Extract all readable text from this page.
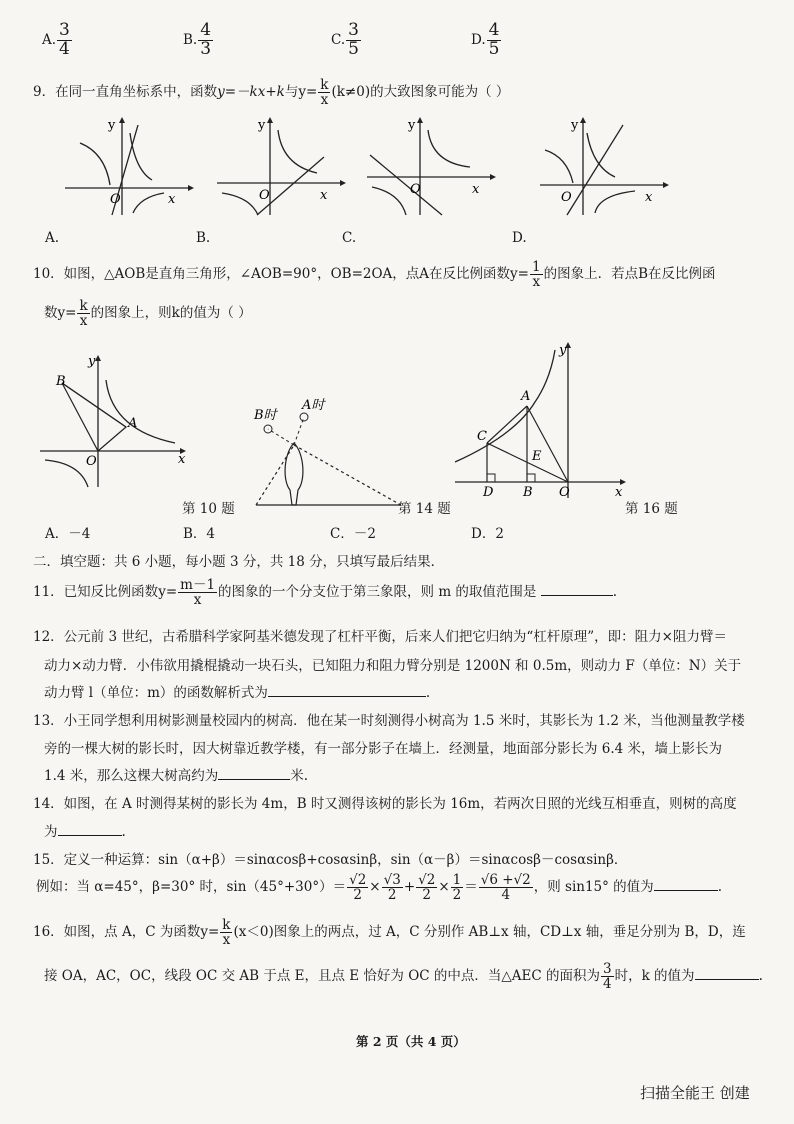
A. $\frac{3}{4}$	B. $\frac{4}{3}$	C. $\frac{3}{5}$	D. $\frac{4}{5}$
9．在同一直角坐标系中，函数y=－kx+k与$y= \frac{k}{x} (k\ne 0)$的大致图象可能为（ ）
y
x
O
y
x
O
y
x
O
y
x
O
A.	B.	C.	D.
10．如图，△AOB是直角三角形，∠AOB=90°，OB=2OA，点A在反比例函数$y= \frac{1}{x}$ 的图象上．若点B在反比例函
数$y= \frac{k}{x}$ 的图象上，则k的值为（ ）
B
A
y
x
O
第 10 题
B时
A时
第 14 题
y
x
A
C
E
D B O
第 16 题
A．－4	B．4	C．－2	D．2
二．填空题：共 6 小题，每小题 3 分，共 18 分，只填写最后结果．
11．已知反比例函数$y= \frac{m-1}{x}$ 的图象的一个分支位于第三象限，则 m 的取值范围是	.
12．公元前 3 世纪，古希腊科学家阿基米德发现了杠杆平衡，后来人们把它归纳为“杠杆原理”，即：阻力×阻力臂＝
动力×动力臂．小伟欲用撬棍撬动一块石头，已知阻力和阻力臂分别是 1200N 和 0.5m，则动力 F（单位：N）关于
动力臂 l（单位：m）的函数解析式为	.
13．小王同学想利用树影测量校园内的树高．他在某一时刻测得小树高为 1.5 米时，其影长为 1.2 米，当他测量教学楼
旁的一棵大树的影长时，因大树靠近教学楼，有一部分影子在墙上．经测量，地面部分影长为 6.4 米，墙上影长为
1.4 米，那么这棵大树高约为	米.
14．如图，在 A 时测得某树的影长为 4m，B 时又测得该树的影长为 16m，若两次日照的光线互相垂直，则树的高度
为	.
15．定义一种运算：sin（α+β）＝sinαcosβ+cosαsinβ，sin（α－β）＝sinαcosβ－cosαsinβ．
例如：当 α=45°，β=30° 时，$\sin(45^\circ+30^\circ)= \frac{√2}{2} \times \frac{√3}{2} + \frac{√2}{2} \times \frac{1}{2} = \frac{√6 +√2}{4}$ ，则 sin15° 的值为	.
16．如图，点 A，C 为函数$y= \frac{k}{x} (x<0)$图象上的两点，过 A，C 分别作 AB⊥x 轴，CD⊥x 轴，垂足分别为 B，D，连
接 OA，AC，OC，线段 OC 交 AB 于点 E，且点 E 恰好为 OC 的中点．当△AEC 的面积为 $\frac{3}{4}$ 时，k 的值为	.
第 2 页（共 4 页）
扫描全能王 创建
